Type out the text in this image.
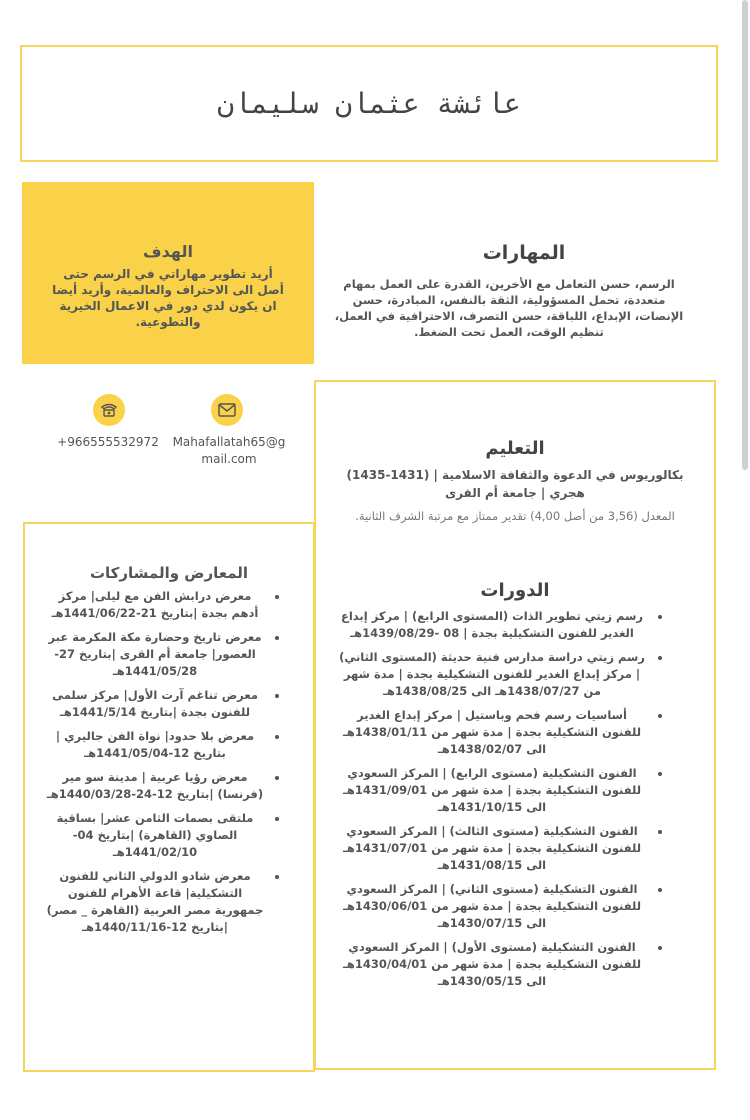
عائشة عثمان سليمان
الهدف
أريد تطوير مهاراتي في الرسم حتى أصل الى الاحتراف والعالمية، وأريد أيضا ان يكون لدي دور في الاعمال الخيرية والتطوعية.
المهارات
الرسم، حسن التعامل مع الأخرين، القدرة على العمل بمهام متعددة، تحمل المسؤولية، الثقة بالنفس، المبادرة، حسن الإنصات، الإبداع، اللباقة، حسن التصرف، الاحترافية في العمل، تنظيم الوقت، العمل تحت الضغط.
Mahafallatah65@gmail.com
+966555532972	التعليم
بكالوريوس في الدعوة والثقافة الاسلامية | (1431-1435) هجري | جامعة أم القرى
المعدل (3,56 من أصل 4,00) تقدير ممتاز مع مرتبة الشرف الثانية.
الدورات
• رسم زيتي تطوير الذات (المستوى الرابع) | مركز إبداع الغدير للفنون التشكيلية بجدة | 08 -1439/08/29هـ
• رسم زيتي دراسة مدارس فنية حديثة (المستوى الثاني) | مركز إبداع الغدير للفنون التشكيلية بجدة | مدة شهر من 1438/07/27هـ الى 1438/08/25هـ
• أساسيات رسم فحم وباستيل | مركز إبداع الغدير للفنون التشكيلية بجدة | مدة شهر من 1438/01/11هـ الى 1438/02/07هـ
• الفنون التشكيلية (مستوى الرابع) | المركز السعودي للفنون التشكيلية بجدة | مدة شهر من 1431/09/01هـ الى 1431/10/15هـ
• الفنون التشكيلية (مستوى الثالث) | المركز السعودي للفنون التشكيلية بجدة | مدة شهر من 1431/07/01هـ الى 1431/08/15هـ
• الفنون التشكيلية (مستوى الثاني) | المركز السعودي للفنون التشكيلية بجدة | مدة شهر من 1430/06/01هـ الى 1430/07/15هـ
• الفنون التشكيلية (مستوى الأول) | المركز السعودي للفنون التشكيلية بجدة | مدة شهر من 1430/04/01هـ الى 1430/05/15هـ
المعارض والمشاركات
• معرض درابش الفن مع ليلى| مركز أدهم بجدة |بتاريخ 21-1441/06/22هـ
• معرض تاريخ وحضارة مكة المكرمة عبر العصور| جامعة أم القرى |بتاريخ 27-1441/05/28هـ
• معرض تناغم آرت الأول| مركز سلمى للفنون بجدة |بتاريخ 1441/5/14هـ
• معرض بلا حدود| نواة الفن جاليري |بتاريخ 12-1441/05/04هـ
• معرض رؤيا عربية | مدينة سو مير (فرنسا) |بتاريخ 12-24-1440/03/28هـ
• ملتقى بصمات الثامن عشر| بساقية الصاوي (القاهرة) |بتاريخ 04-1441/02/10هـ
• معرض شادو الدولي الثاني للفنون التشكيلية| قاعة الأهرام للفنون جمهورية مصر العربية (القاهرة _ مصر) |بتاريخ 12-1440/11/16هـ
